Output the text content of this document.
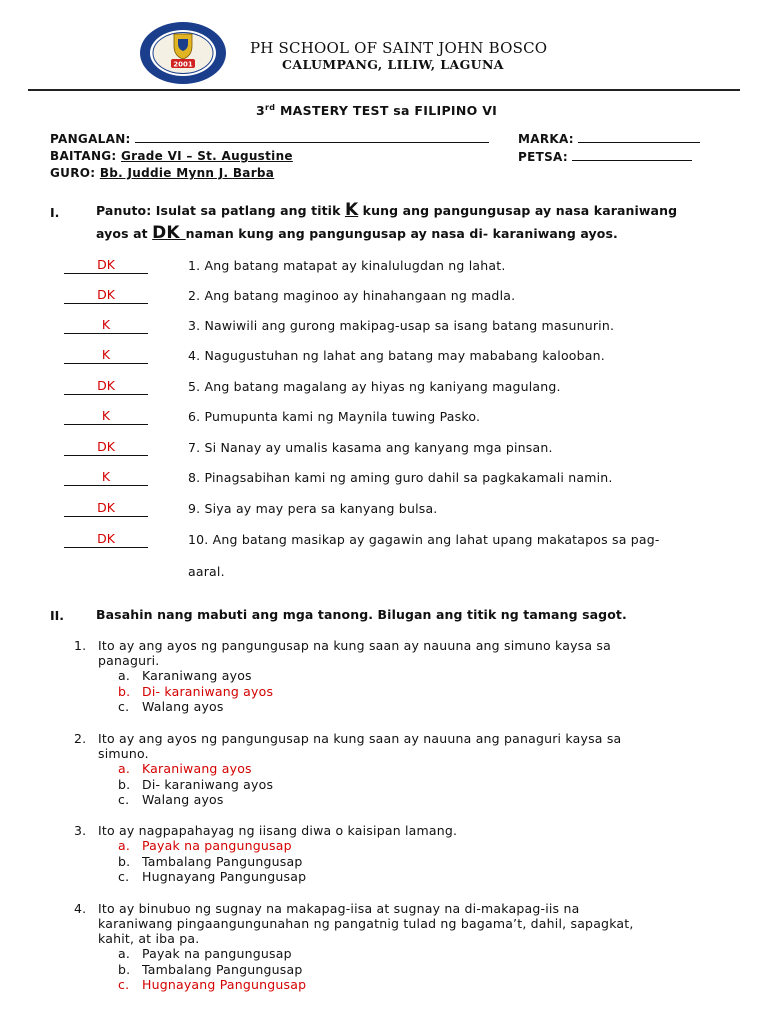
2001
PH SCHOOL OF SAINT JOHN BOSCO
CALUMPANG, LILIW, LAGUNA
3rd MASTERY TEST sa FILIPINO VI
PANGALAN:	MARKA:
BAITANG: Grade VI – St. Augustine	PETSA:
GURO: Bb. Juddie Mynn J. Barba
I.	Panuto: Isulat sa patlang ang titik K kung ang pangungusap ay nasa karaniwang
ayos at DK naman kung ang pangungusap ay nasa di- karaniwang ayos.
DK	1. Ang batang matapat ay kinalulugdan ng lahat.
DK	2. Ang batang maginoo ay hinahangaan ng madla.
K	3. Nawiwili ang gurong makipag-usap sa isang batang masunurin.
K	4. Nagugustuhan ng lahat ang batang may mababang kalooban.
DK	5. Ang batang magalang ay hiyas ng kaniyang magulang.
K	6. Pumupunta kami ng Maynila tuwing Pasko.
DK	7. Si Nanay ay umalis kasama ang kanyang mga pinsan.
K	8. Pinagsabihan kami ng aming guro dahil sa pagkakamali namin.
DK	9. Siya ay may pera sa kanyang bulsa.
DK	10. Ang batang masikap ay gagawin ang lahat upang makatapos sa pag-
aaral.
II.	Basahin nang mabuti ang mga tanong. Bilugan ang titik ng tamang sagot.
1. Ito ay ang ayos ng pangungusap na kung saan ay nauuna ang simuno kaysa sa
panaguri.
a. Karaniwang ayos
b. Di- karaniwang ayos
c. Walang ayos
2. Ito ay ang ayos ng pangungusap na kung saan ay nauuna ang panaguri kaysa sa
simuno.
a. Karaniwang ayos
b. Di- karaniwang ayos
c. Walang ayos
3. Ito ay nagpapahayag ng iisang diwa o kaisipan lamang.
a. Payak na pangungusap
b. Tambalang Pangungusap
c. Hugnayang Pangungusap
4. Ito ay binubuo ng sugnay na makapag-iisa at sugnay na di-makapag-iis na
karaniwang pingaangungunahan ng pangatnig tulad ng bagama’t, dahil, sapagkat,
kahit, at iba pa.
a. Payak na pangungusap
b. Tambalang Pangungusap
c. Hugnayang Pangungusap
